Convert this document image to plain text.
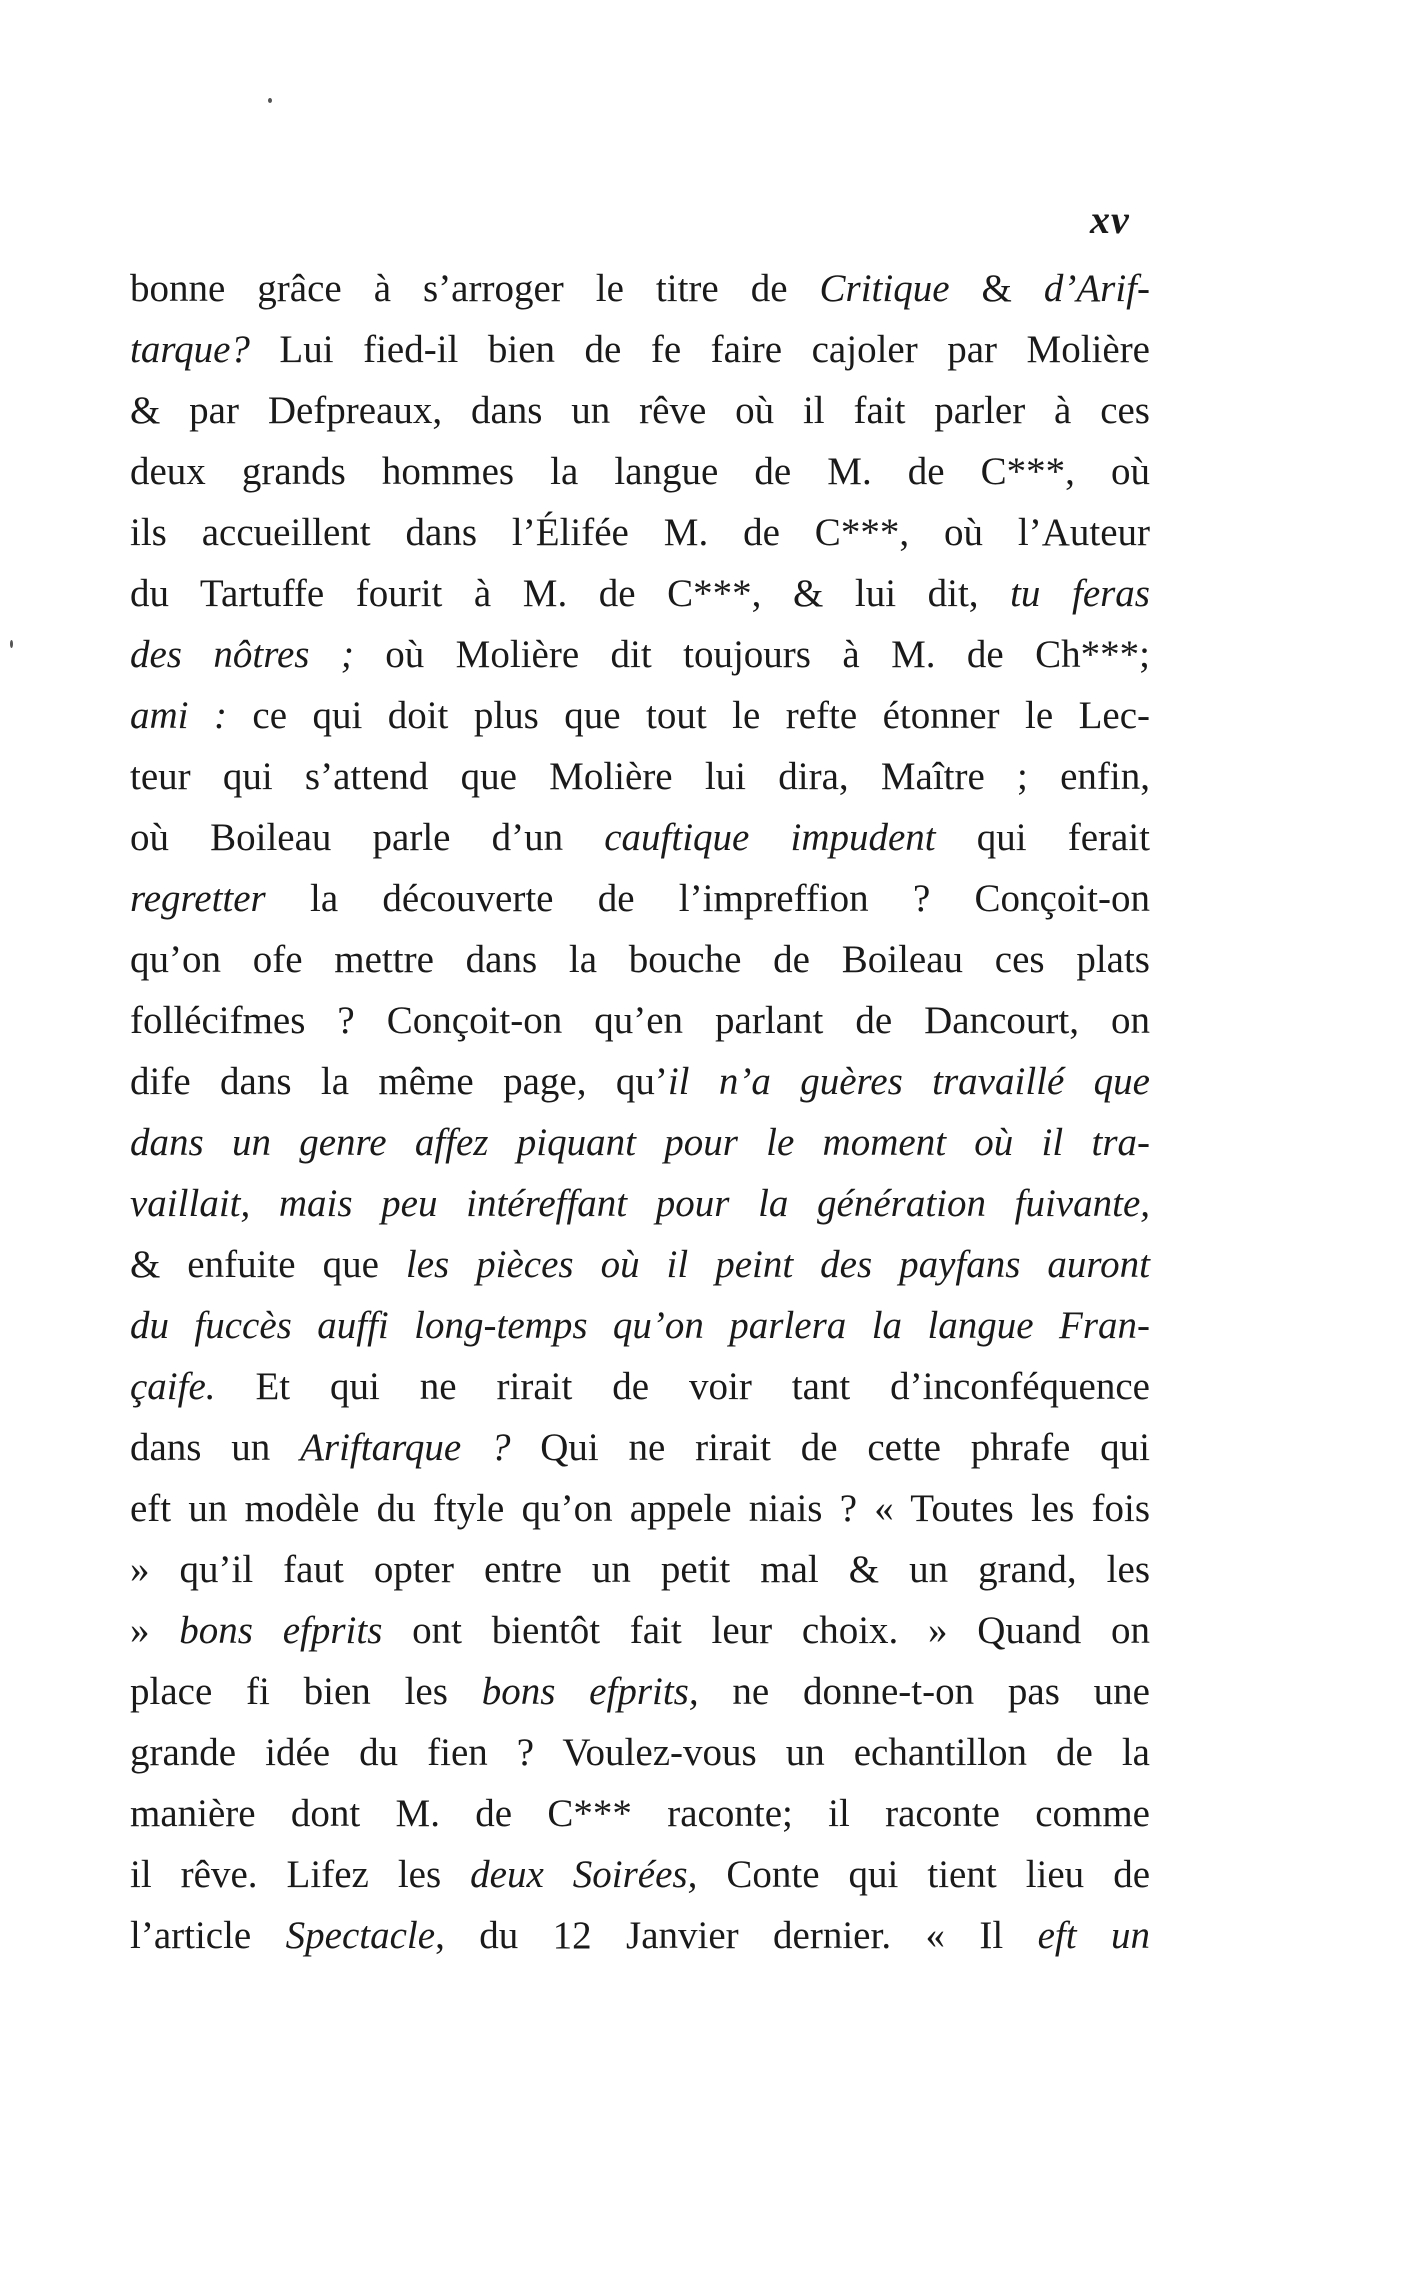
xv
bonne grâce à s’arroger le titre de Critique & d’Arif-
tarque? Lui fied-il bien de fe faire cajoler par Molière
& par Defpreaux, dans un rêve où il fait parler à ces
deux grands hommes la langue de M. de C***, où
ils accueillent dans l’Élifée M. de C***, où l’Auteur
du Tartuffe fourit à M. de C***, & lui dit, tu feras
des nôtres ; où Molière dit toujours à M. de Ch***;
ami : ce qui doit plus que tout le refte étonner le Lec-
teur qui s’attend que Molière lui dira, Maître ; enfin,
où Boileau parle d’un cauftique impudent qui ferait
regretter la découverte de l’impreffion ? Conçoit-on
qu’on ofe mettre dans la bouche de Boileau ces plats
follécifmes ? Conçoit-on qu’en parlant de Dancourt, on
dife dans la même page, qu’il n’a guères travaillé que
dans un genre affez piquant pour le moment où il tra-
vaillait, mais peu intéreffant pour la génération fuivante,
& enfuite que les pièces où il peint des payfans auront
du fuccès auffi long-temps qu’on parlera la langue Fran-
çaife. Et qui ne rirait de voir tant d’inconféquence
dans un Ariftarque ? Qui ne rirait de cette phrafe qui
eft un modèle du ftyle qu’on appele niais ? « Toutes les fois
» qu’il faut opter entre un petit mal & un grand, les
» bons efprits ont bientôt fait leur choix. » Quand on
place fi bien les bons efprits, ne donne-t-on pas une
grande idée du fien ? Voulez-vous un echantillon de la
manière dont M. de C*** raconte; il raconte comme
il rêve. Lifez les deux Soirées, Conte qui tient lieu de
l’article Spectacle, du 12 Janvier dernier. « Il eft un
